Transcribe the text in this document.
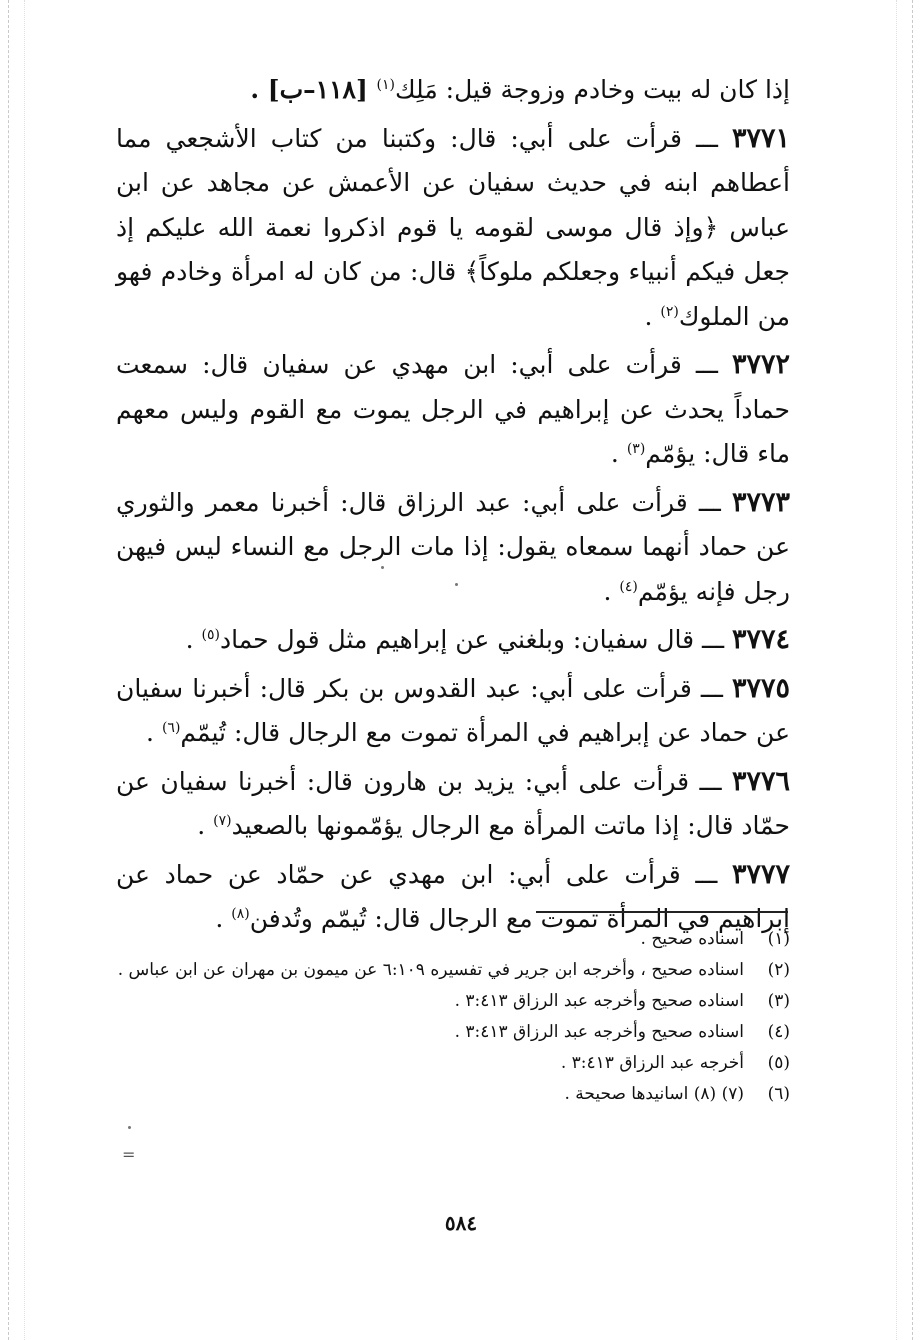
إذا كان له بيت وخادم وزوجة قيل: مَلِك$^{(١)}$ [١١٨–ب] .

٣٧٧١ ـــ قرأت على أبي: قال: وكتبنا من كتاب الأشجعي مما أعطاهم ابنه في حديث سفيان عن الأعمش عن مجاهد عن ابن عباس ﴿وإذ قال موسى لقومه يا قوم اذكروا نعمة الله عليكم إذ جعل فيكم أنبياء وجعلكم ملوكاً﴾ قال: من كان له امرأة وخادم فهو من الملوك$^{(٢)}$ .

٣٧٧٢ ـــ قرأت على أبي: ابن مهدي عن سفيان قال: سمعت حماداً يحدث عن إبراهيم في الرجل يموت مع القوم وليس معهم ماء قال: يؤمّم$^{(٣)}$ .

٣٧٧٣ ـــ قرأت على أبي: عبد الرزاق قال: أخبرنا معمر والثوري عن حماد أنهما سمعاه يقول: إذا مات الرجل مع النساء ليس فيهن رجل فإنه يؤمّم$^{(٤)}$ .

٣٧٧٤ ـــ قال سفيان: وبلغني عن إبراهيم مثل قول حماد$^{(٥)}$ .

٣٧٧٥ ـــ قرأت على أبي: عبد القدوس بن بكر قال: أخبرنا سفيان عن حماد عن إبراهيم في المرأة تموت مع الرجال قال: تُيمّم$^{(٦)}$ .

٣٧٧٦ ـــ قرأت على أبي: يزيد بن هارون قال: أخبرنا سفيان عن حمّاد قال: إذا ماتت المرأة مع الرجال يؤمّمونها بالصعيد$^{(٧)}$ .

٣٧٧٧ ـــ قرأت على أبي: ابن مهدي عن حمّاد عن حماد عن إبراهيم في المرأة تموت مع الرجال قال: تُيمّم وتُدفن$^{(٨)}$ .

(١)
اسناده صحيح .
(٢)
اسناده صحيح ، وأخرجه ابن جرير في تفسيره ٦:١٠٩ عن ميمون بن مهران عن ابن عباس .
(٣)
اسناده صحيح وأخرجه عبد الرزاق ٣:٤١٣ .
(٤)
اسناده صحيح وأخرجه عبد الرزاق ٣:٤١٣ .
(٥)
أخرجه عبد الرزاق ٣:٤١٣ .
(٦)
(٧) (٨) اسانيدها صحيحة .
=
٥٨٤
